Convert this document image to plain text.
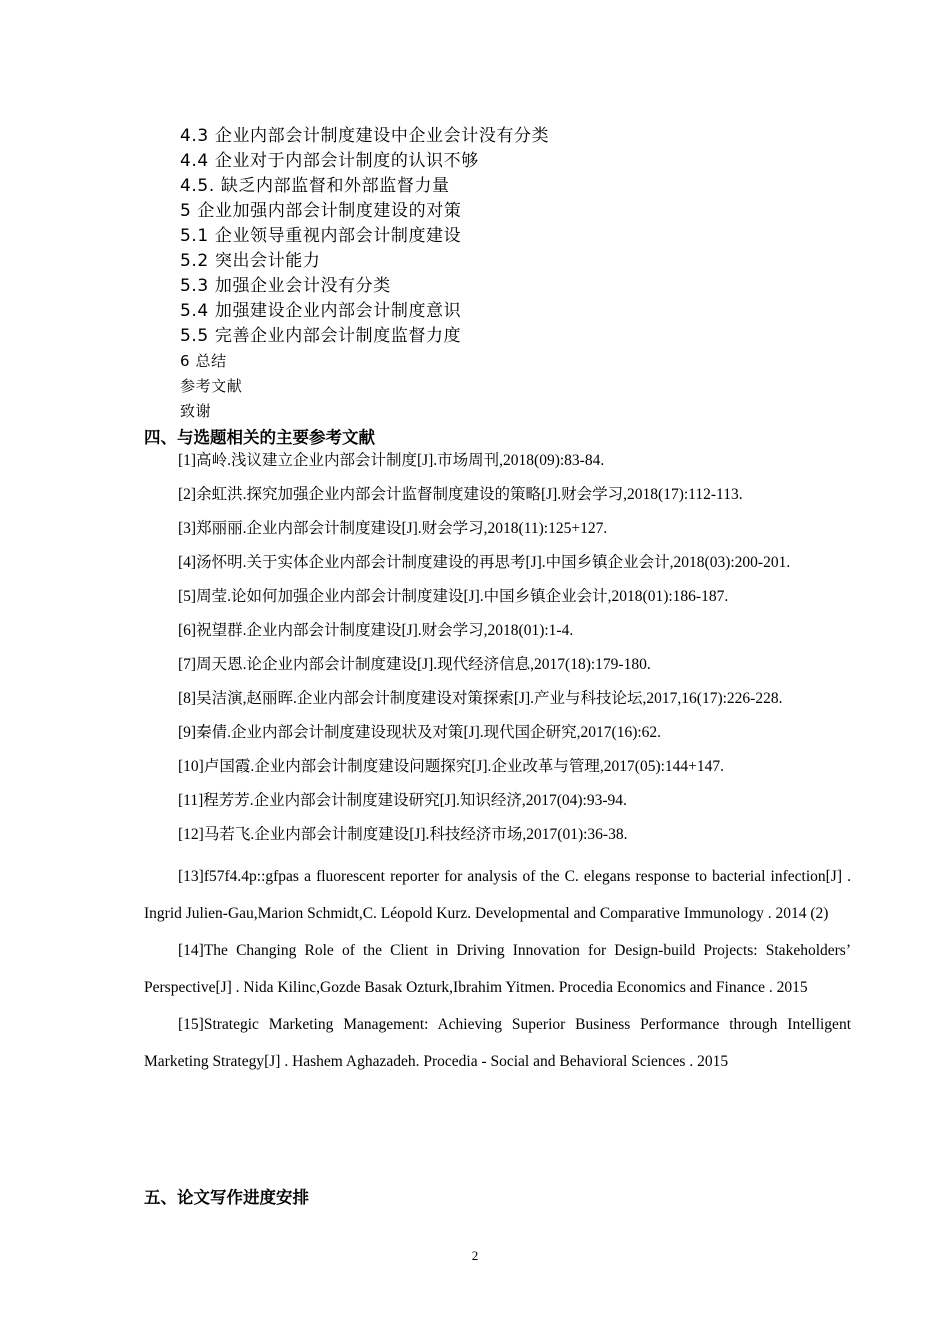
4.3 企业内部会计制度建设中企业会计没有分类
4.4 企业对于内部会计制度的认识不够
4.5. 缺乏内部监督和外部监督力量
5 企业加强内部会计制度建设的对策
5.1 企业领导重视内部会计制度建设
5.2 突出会计能力
5.3 加强企业会计没有分类
5.4 加强建设企业内部会计制度意识
5.5 完善企业内部会计制度监督力度
6 总结
参考文献
致谢
四、与选题相关的主要参考文献
[1]高岭.浅议建立企业内部会计制度[J].市场周刊,2018(09):83-84.
[2]余虹洪.探究加强企业内部会计监督制度建设的策略[J].财会学习,2018(17):112-113.
[3]郑丽丽.企业内部会计制度建设[J].财会学习,2018(11):125+127.
[4]汤怀明.关于实体企业内部会计制度建设的再思考[J].中国乡镇企业会计,2018(03):200-201.
[5]周莹.论如何加强企业内部会计制度建设[J].中国乡镇企业会计,2018(01):186-187.
[6]祝望群.企业内部会计制度建设[J].财会学习,2018(01):1-4.
[7]周天恩.论企业内部会计制度建设[J].现代经济信息,2017(18):179-180.
[8]吴洁演,赵丽晖.企业内部会计制度建设对策探索[J].产业与科技论坛,2017,16(17):226-228.
[9]秦倩.企业内部会计制度建设现状及对策[J].现代国企研究,2017(16):62.
[10]卢国霞.企业内部会计制度建设问题探究[J].企业改革与管理,2017(05):144+147.
[11]程芳芳.企业内部会计制度建设研究[J].知识经济,2017(04):93-94.
[12]马若飞.企业内部会计制度建设[J].科技经济市场,2017(01):36-38.
[13]f57f4.4p::gfpas a fluorescent reporter for analysis of the C. elegans response to bacterial infection[J] . Ingrid Julien-Gau,Marion Schmidt,C. Léopold Kurz. Developmental and Comparative Immunology . 2014 (2)
[14]The Changing Role of the Client in Driving Innovation for Design-build Projects: Stakeholders’ Perspective[J] . Nida Kilinc,Gozde Basak Ozturk,Ibrahim Yitmen. Procedia Economics and Finance . 2015
[15]Strategic Marketing Management: Achieving Superior Business Performance through Intelligent Marketing Strategy[J] . Hashem Aghazadeh. Procedia - Social and Behavioral Sciences . 2015
五、论文写作进度安排
2
